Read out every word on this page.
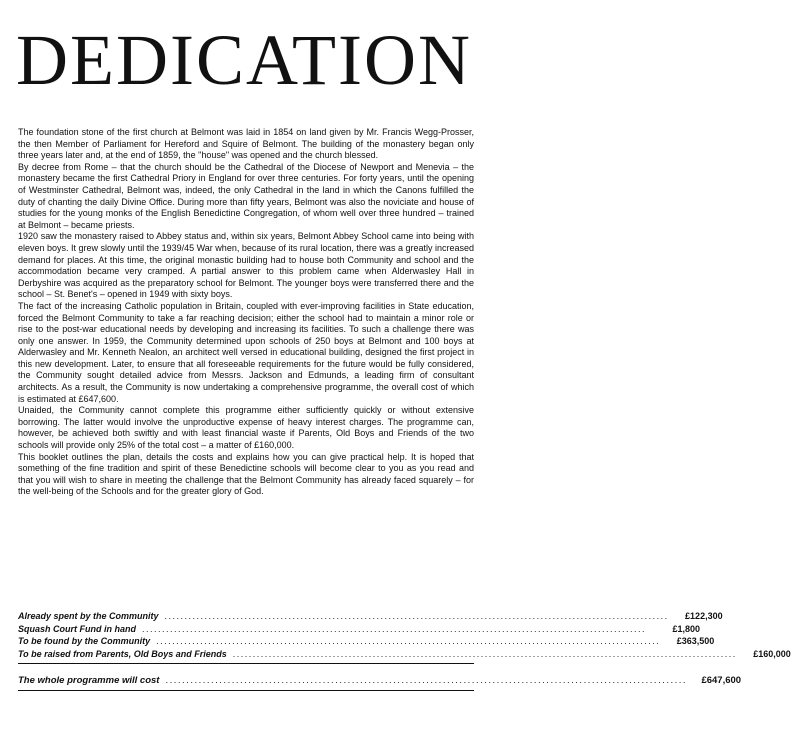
DEDICATION

The foundation stone of the first church at Belmont was laid in 1854 on land given by Mr. Francis Wegg-Prosser, the then Member of Parliament for Hereford and Squire of Belmont. The building of the monastery began only three years later and, at the end of 1859, the "house" was opened and the church blessed.

By decree from Rome – that the church should be the Cathedral of the Diocese of Newport and Menevia – the monastery became the first Cathedral Priory in England for over three centuries. For forty years, until the opening of Westminster Cathedral, Belmont was, indeed, the only Cathedral in the land in which the Canons fulfilled the duty of chanting the daily Divine Office. During more than fifty years, Belmont was also the noviciate and house of studies for the young monks of the English Benedictine Congregation, of whom well over three hundred – trained at Belmont – became priests.

1920 saw the monastery raised to Abbey status and, within six years, Belmont Abbey School came into being with eleven boys. It grew slowly until the 1939/45 War when, because of its rural location, there was a greatly increased demand for places. At this time, the original monastic building had to house both Community and school and the accommodation became very cramped. A partial answer to this problem came when Alderwasley Hall in Derbyshire was acquired as the preparatory school for Belmont. The younger boys were transferred there and the school – St. Benet's – opened in 1949 with sixty boys.

The fact of the increasing Catholic population in Britain, coupled with ever-improving facilities in State education, forced the Belmont Community to take a far reaching decision; either the school had to maintain a minor role or rise to the post-war educational needs by developing and increasing its facilities. To such a challenge there was only one answer. In 1959, the Community determined upon schools of 250 boys at Belmont and 100 boys at Alderwasley and Mr. Kenneth Nealon, an architect well versed in educational building, designed the first project in this new development. Later, to ensure that all foreseeable requirements for the future would be fully considered, the Community sought detailed advice from Messrs. Jackson and Edmunds, a leading firm of consultant architects. As a result, the Community is now undertaking a comprehensive programme, the overall cost of which is estimated at £647,600.

Unaided, the Community cannot complete this programme either sufficiently quickly or without extensive borrowing. The latter would involve the unproductive expense of heavy interest charges. The programme can, however, be achieved both swiftly and with least financial waste if Parents, Old Boys and Friends of the two schools will provide only 25% of the total cost – a matter of £160,000.

This booklet outlines the plan, details the costs and explains how you can give practical help. It is hoped that something of the fine tradition and spirit of these Benedictine schools will become clear to you as you read and that you will wish to share in meeting the challenge that the Belmont Community has already faced squarely – for the well-being of the Schools and for the greater glory of God.

Already spent by the Community ..............................................................................................................................	£122,300
Squash Court Fund in hand ..............................................................................................................................	£1,800
To be found by the Community ..............................................................................................................................	£363,500
To be raised from Parents, Old Boys and Friends ..............................................................................................................................	£160,000
The whole programme will cost ..............................................................................................................................	£647,600
